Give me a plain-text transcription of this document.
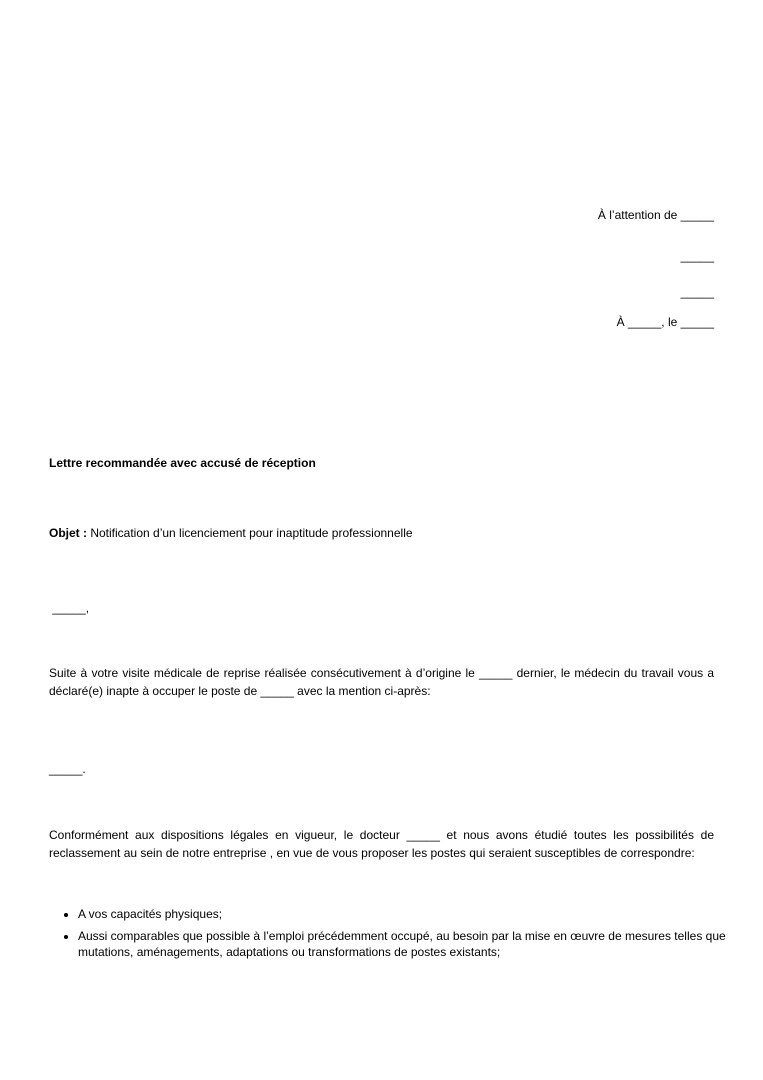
À l’attention de _____
_____
_____
À _____, le _____
Lettre recommandée avec accusé de réception
Objet : Notification d’un licenciement pour inaptitude professionnelle
_____,
Suite à votre visite médicale de reprise réalisée consécutivement à d’origine le _____ dernier, le médecin du travail vous a déclaré(e) inapte à occuper le poste de _____ avec la mention ci-après:
_____.
Conformément aux dispositions légales en vigueur, le docteur _____ et nous avons étudié toutes les possibilités de reclassement au sein de notre entreprise , en vue de vous proposer les postes qui seraient susceptibles de correspondre:
• A vos capacités physiques;
• Aussi comparables que possible à l’emploi précédemment occupé, au besoin par la mise en œuvre de mesures telles que mutations, aménagements, adaptations ou transformations de postes existants;
